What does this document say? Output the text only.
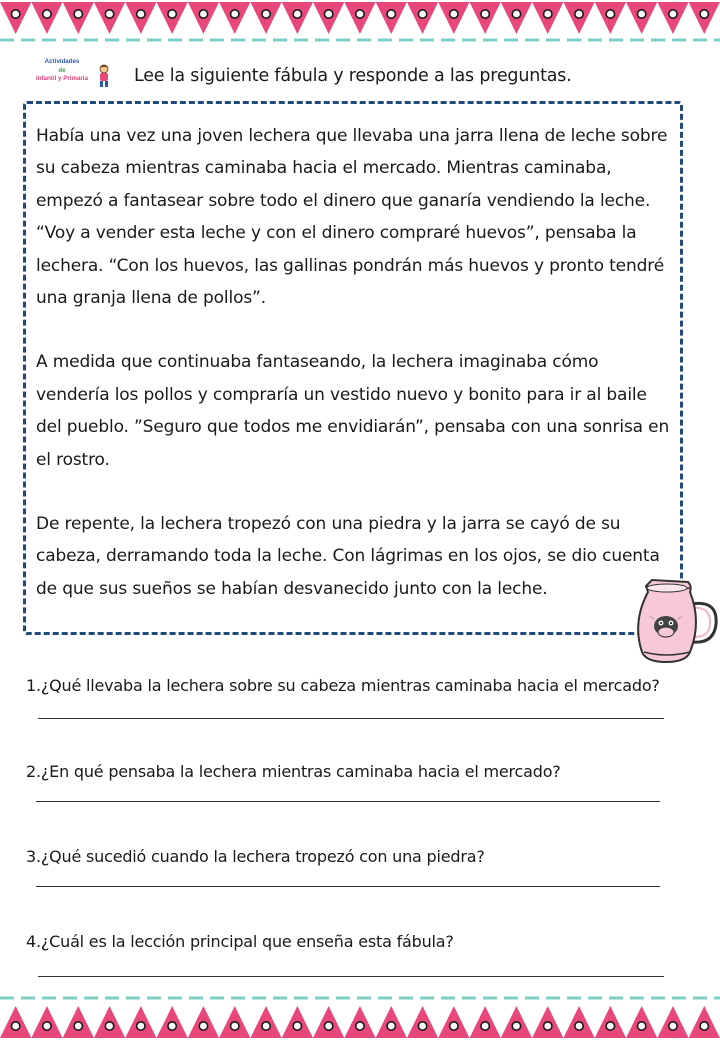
Actividades
de
Infantil y Primaria	Lee la siguiente fábula y responde a las preguntas.

Había una vez una joven lechera que llevaba una jarra llena de leche sobre su cabeza mientras caminaba hacia el mercado. Mientras caminaba, empezó a fantasear sobre todo el dinero que ganaría vendiendo la leche. “Voy a vender esta leche y con el dinero compraré huevos”, pensaba la lechera. “Con los huevos, las gallinas pondrán más huevos y pronto tendré una granja llena de pollos”.

A medida que continuaba fantaseando, la lechera imaginaba cómo vendería los pollos y compraría un vestido nuevo y bonito para ir al baile del pueblo. ”Seguro que todos me envidiarán”, pensaba con una sonrisa en el rostro.

De repente, la lechera tropezó con una piedra y la jarra se cayó de su cabeza, derramando toda la leche. Con lágrimas en los ojos, se dio cuenta de que sus sueños se habían desvanecido junto con la leche.

1.¿Qué llevaba la lechera sobre su cabeza mientras caminaba hacia el mercado?
2.¿En qué pensaba la lechera mientras caminaba hacia el mercado?
3.¿Qué sucedió cuando la lechera tropezó con una piedra?
4.¿Cuál es la lección principal que enseña esta fábula?
